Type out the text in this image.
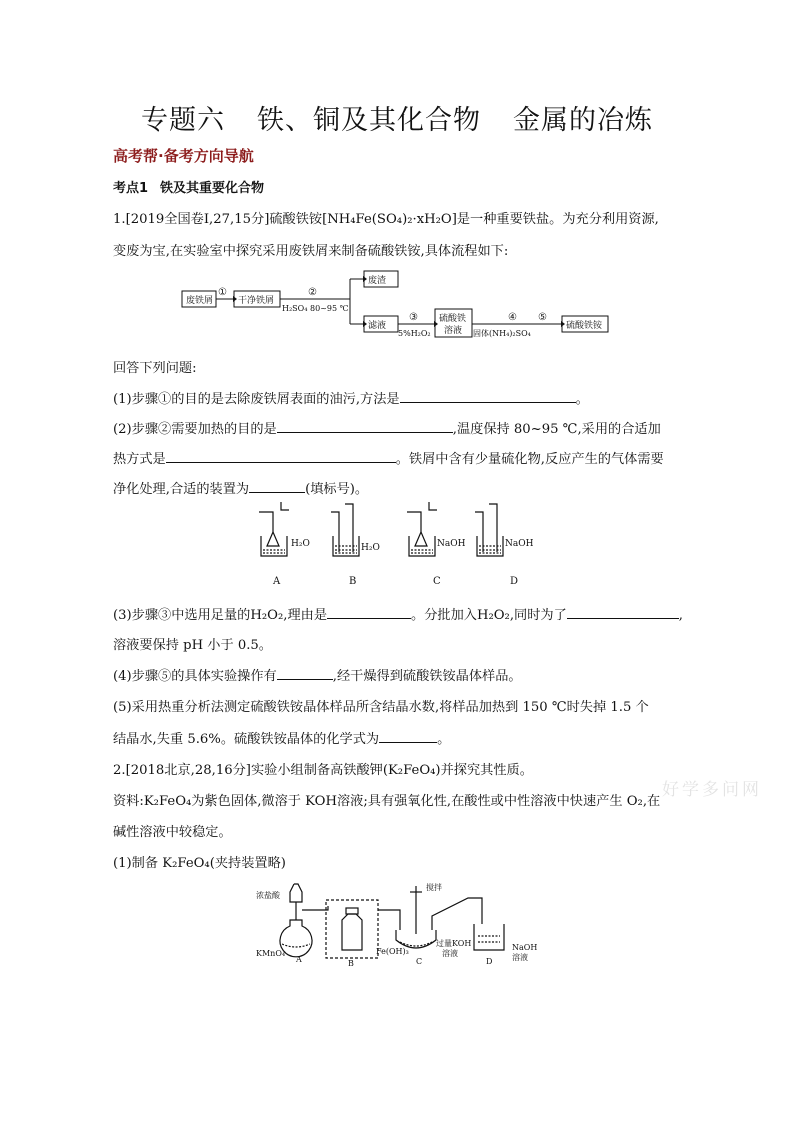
专题六 铁、铜及其化合物 金属的冶炼
高考帮·备考方向导航
考点1 铁及其重要化合物
1.[2019全国卷Ⅰ,27,15分]硫酸铁铵[NH₄Fe(SO₄)₂·xH₂O]是一种重要铁盐。为充分利用资源,
变废为宝,在实验室中探究采用废铁屑来制备硫酸铁铵,具体流程如下:
废铁屑	干净铁屑
废渣
滤液
硫酸铁
溶液	硫酸铁铵
①	②
H₂SO₄ 80~95 ℃
③
5%H₂O₂
④
固体(NH₄)₂SO₄
⑤
回答下列问题:
(1)步骤①的目的是去除废铁屑表面的油污,方法是	。
(2)步骤②需要加热的目的是	,温度保持 80~95 ℃,采用的合适加
热方式是	。铁屑中含有少量硫化物,反应产生的气体需要
净化处理,合适的装置为	(填标号)。
H₂O	H₂O	NaOH	NaOH
A	B	C	D
(3)步骤③中选用足量的H₂O₂,理由是	。分批加入H₂O₂,同时为了	,
溶液要保持 pH 小于 0.5。
(4)步骤⑤的具体实验操作有	,经干燥得到硫酸铁铵晶体样品。
(5)采用热重分析法测定硫酸铁铵晶体样品所含结晶水数,将样品加热到 150 ℃时失掉 1.5 个
结晶水,失重 5.6%。硫酸铁铵晶体的化学式为	。
2.[2018北京,28,16分]实验小组制备高铁酸钾(K₂FeO₄)并探究其性质。
资料:K₂FeO₄为紫色固体,微溶于 KOH溶液;具有强氧化性,在酸性或中性溶液中快速产生 O₂,在
碱性溶液中较稳定。
(1)制备 K₂FeO₄(夹持装置略)
好学多问网
浓盐酸
搅拌
KMnO₄
A	B
Fe(OH)₃
C
过量KOH
溶液
D
NaOH
溶液
